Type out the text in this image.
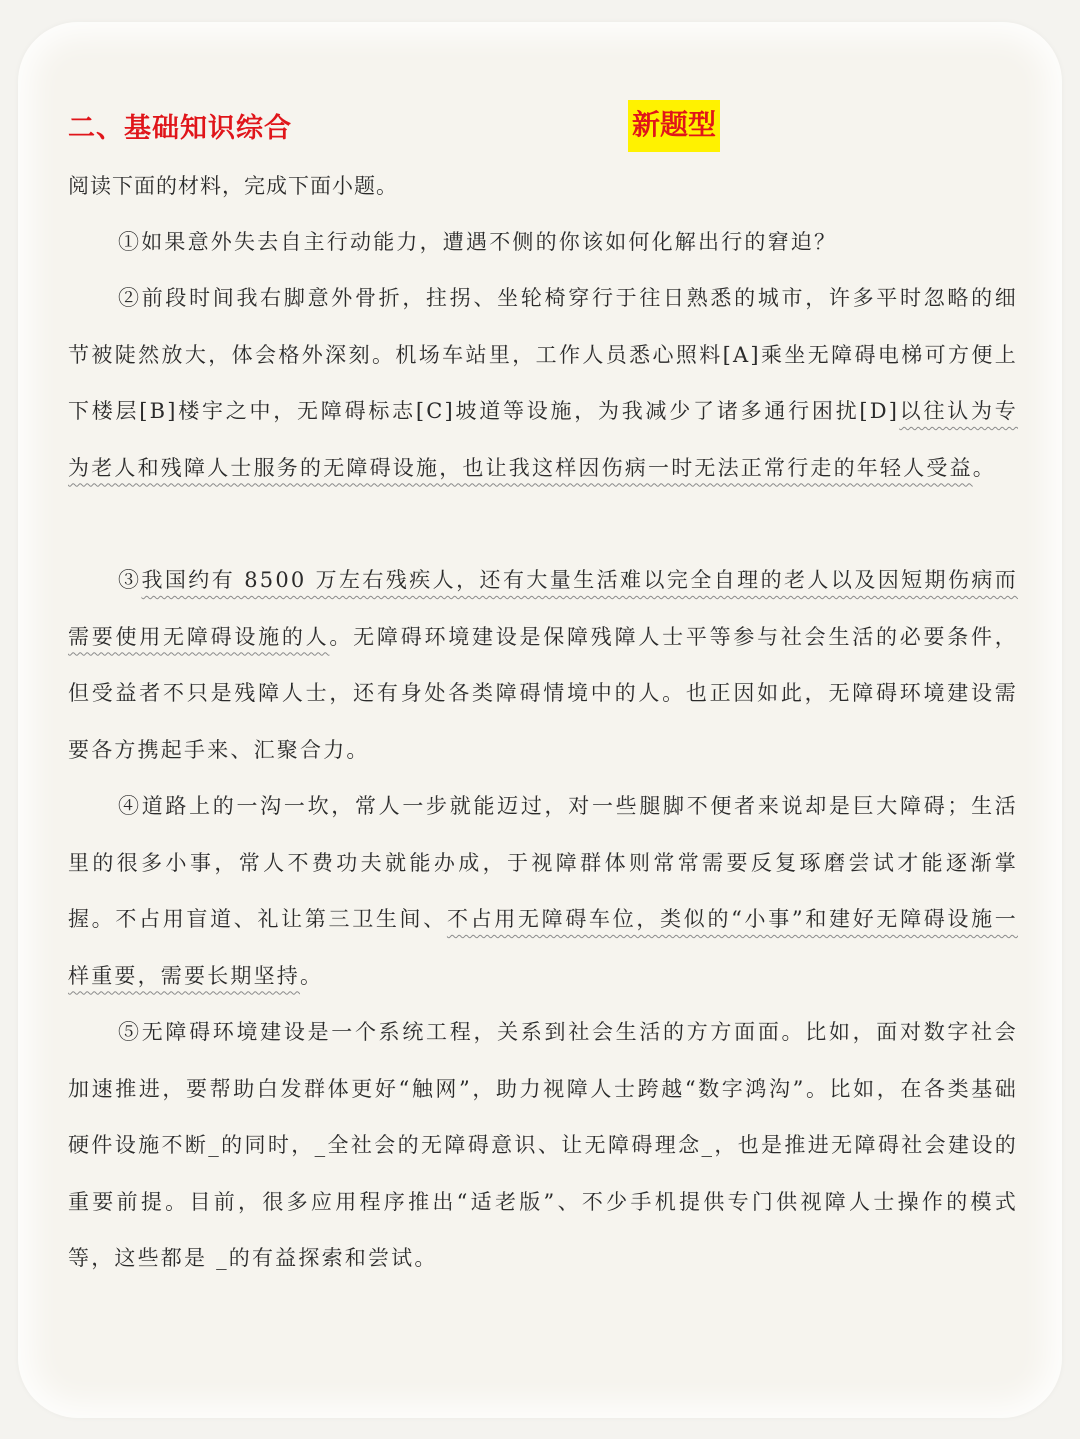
二、基础知识综合	新题型
阅读下面的材料，完成下面小题。
①如果意外失去自主行动能力，遭遇不侧的你该如何化解出行的窘迫？
②前段时间我右脚意外骨折，拄拐、坐轮椅穿行于往日熟悉的城市，许多平时忽略的细节被陡然放大，体会格外深刻。机场车站里，工作人员悉心照料[A]乘坐无障碍电梯可方便上下楼层[B]楼宇之中，无障碍标志[C]坡道等设施，为我减少了诸多通行困扰[D]以往认为专为老人和残障人士服务的无障碍设施，也让我这样因伤病一时无法正常行走的年轻人受益。
③我国约有 8500 万左右残疾人，还有大量生活难以完全自理的老人以及因短期伤病而需要使用无障碍设施的人。无障碍环境建设是保障残障人士平等参与社会生活的必要条件，但受益者不只是残障人士，还有身处各类障碍情境中的人。也正因如此，无障碍环境建设需要各方携起手来、汇聚合力。
④道路上的一沟一坎，常人一步就能迈过，对一些腿脚不便者来说却是巨大障碍；生活里的很多小事，常人不费功夫就能办成，于视障群体则常常需要反复琢磨尝试才能逐渐掌握。不占用盲道、礼让第三卫生间、不占用无障碍车位，类似的“小事”和建好无障碍设施一样重要，需要长期坚持。
⑤无障碍环境建设是一个系统工程，关系到社会生活的方方面面。比如，面对数字社会加速推进，要帮助白发群体更好“触网”，助力视障人士跨越“数字鸿沟”。比如，在各类基础硬件设施不断_的同时，_全社会的无障碍意识、让无障碍理念_，也是推进无障碍社会建设的重要前提。目前，很多应用程序推出“适老版”、不少手机提供专门供视障人士操作的模式等，这些都是 _的有益探索和尝试。
